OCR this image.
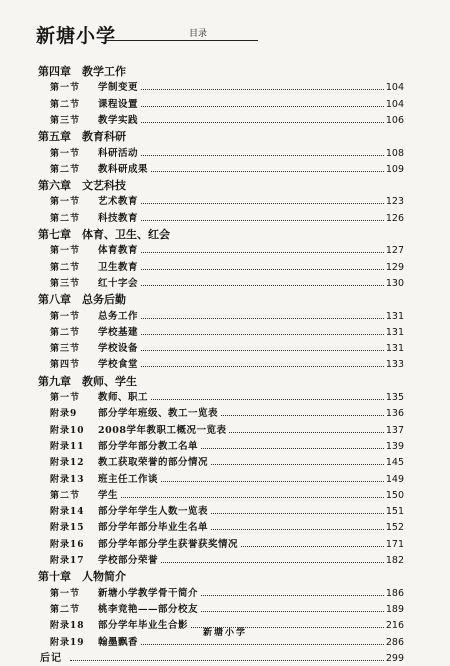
新塘小学	目录
第四章 教学工作
第一节 学制变更	104
第二节 课程设置	104
第三节 教学实践	106
第五章 教育科研
第一节 科研活动	108
第二节 教科研成果	109
第六章 文艺科技
第一节 艺术教育	123
第二节 科技教育	126
第七章 体育、卫生、红会
第一节 体育教育	127
第二节 卫生教育	129
第三节 红十字会	130
第八章 总务后勤
第一节 总务工作	131
第二节 学校基建	131
第三节 学校设备	131
第四节 学校食堂	133
第九章 教师、学生
第一节 教师、职工	135
附录9 部分学年班级、教工一览表	136
附录10 2008学年教职工概况一览表	137
附录11 部分学年部分教工名单	139
附录12 教工获取荣誉的部分情况	145
附录13 班主任工作谈	149
第二节 学生	150
附录14 部分学年学生人数一览表	151
附录15 部分学年部分毕业生名单	152
附录16 部分学年部分学生获誉获奖情况	171
附录17 学校部分荣誉	182
第十章 人物简介
第一节 新塘小学教学骨干简介	186
第二节 桃李竞艳——部分校友	189
附录18 部分学年毕业生合影	216
附录19 翰墨飘香	286
后记	299
新塘小学
